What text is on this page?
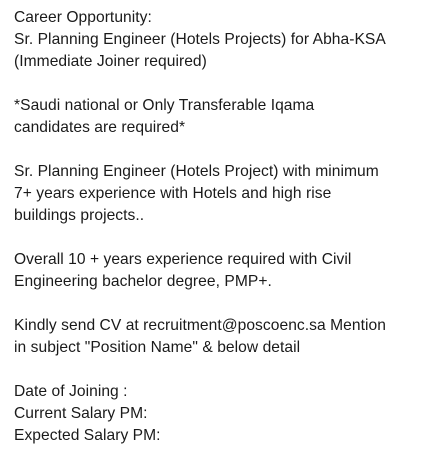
Career Opportunity:
Sr. Planning Engineer (Hotels Projects) for Abha-KSA
(Immediate Joiner required)
*Saudi national or Only Transferable Iqama
candidates are required*
Sr. Planning Engineer (Hotels Project) with minimum
7+ years experience with Hotels and high rise
buildings projects..
Overall 10 + years experience required with Civil
Engineering bachelor degree, PMP+.
Kindly send CV at recruitment@poscoenc.sa Mention
in subject "Position Name" & below detail
Date of Joining :
Current Salary PM:
Expected Salary PM:
